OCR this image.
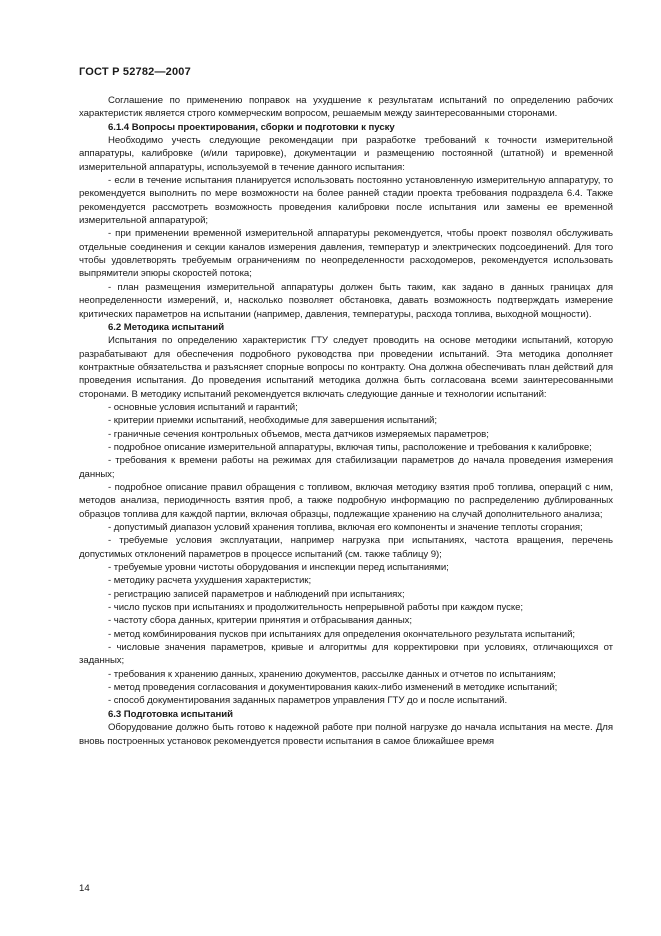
ГОСТ Р 52782—2007

Соглашение по применению поправок на ухудшение к результатам испытаний по определению рабочих характеристик является строго коммерческим вопросом, решаемым между заинтересованными сторонами.

6.1.4 Вопросы проектирования, сборки и подготовки к пуску

Необходимо учесть следующие рекомендации при разработке требований к точности измерительной аппаратуры, калибровке (и/или тарировке), документации и размещению постоянной (штатной) и временной измерительной аппаратуры, используемой в течение данного испытания:

- если в течение испытания планируется использовать постоянно установленную измерительную аппаратуру, то рекомендуется выполнить по мере возможности на более ранней стадии проекта требования подраздела 6.4. Также рекомендуется рассмотреть возможность проведения калибровки после испытания или замены ее временной измерительной аппаратурой;

- при применении временной измерительной аппаратуры рекомендуется, чтобы проект позволял обслуживать отдельные соединения и секции каналов измерения давления, температур и электрических подсоединений. Для того чтобы удовлетворять требуемым ограничениям по неопределенности расходомеров, рекомендуется использовать выпрямители эпюры скоростей потока;

- план размещения измерительной аппаратуры должен быть таким, как задано в данных границах для неопределенности измерений, и, насколько позволяет обстановка, давать возможность подтверждать измерение критических параметров на испытании (например, давления, температуры, расхода топлива, выходной мощности).

6.2 Методика испытаний

Испытания по определению характеристик ГТУ следует проводить на основе методики испытаний, которую разрабатывают для обеспечения подробного руководства при проведении испытаний. Эта методика дополняет контрактные обязательства и разъясняет спорные вопросы по контракту. Она должна обеспечивать план действий для проведения испытания. До проведения испытаний методика должна быть согласована всеми заинтересованными сторонами. В методику испытаний рекомендуется включать следующие данные и технологии испытаний:

- основные условия испытаний и гарантий;

- критерии приемки испытаний, необходимые для завершения испытаний;

- граничные сечения контрольных объемов, места датчиков измеряемых параметров;

- подробное описание измерительной аппаратуры, включая типы, расположение и требования к калибровке;

- требования к времени работы на режимах для стабилизации параметров до начала проведения измерения данных;

- подробное описание правил обращения с топливом, включая методику взятия проб топлива, операций с ним, методов анализа, периодичность взятия проб, а также подробную информацию по распределению дублированных образцов топлива для каждой партии, включая образцы, подлежащие хранению на случай дополнительного анализа;

- допустимый диапазон условий хранения топлива, включая его компоненты и значение теплоты сгорания;

- требуемые условия эксплуатации, например нагрузка при испытаниях, частота вращения, перечень допустимых отклонений параметров в процессе испытаний (см. также таблицу 9);

- требуемые уровни чистоты оборудования и инспекции перед испытаниями;

- методику расчета ухудшения характеристик;

- регистрацию записей параметров и наблюдений при испытаниях;

- число пусков при испытаниях и продолжительность непрерывной работы при каждом пуске;

- частоту сбора данных, критерии принятия и отбрасывания данных;

- метод комбинирования пусков при испытаниях для определения окончательного результата испытаний;

- числовые значения параметров, кривые и алгоритмы для корректировки при условиях, отличающихся от заданных;

- требования к хранению данных, хранению документов, рассылке данных и отчетов по испытаниям;

- метод проведения согласования и документирования каких-либо изменений в методике испытаний;

- способ документирования заданных параметров управления ГТУ до и после испытаний.

6.3 Подготовка испытаний

Оборудование должно быть готово к надежной работе при полной нагрузке до начала испытания на месте. Для вновь построенных установок рекомендуется провести испытания в самое ближайшее время

14
